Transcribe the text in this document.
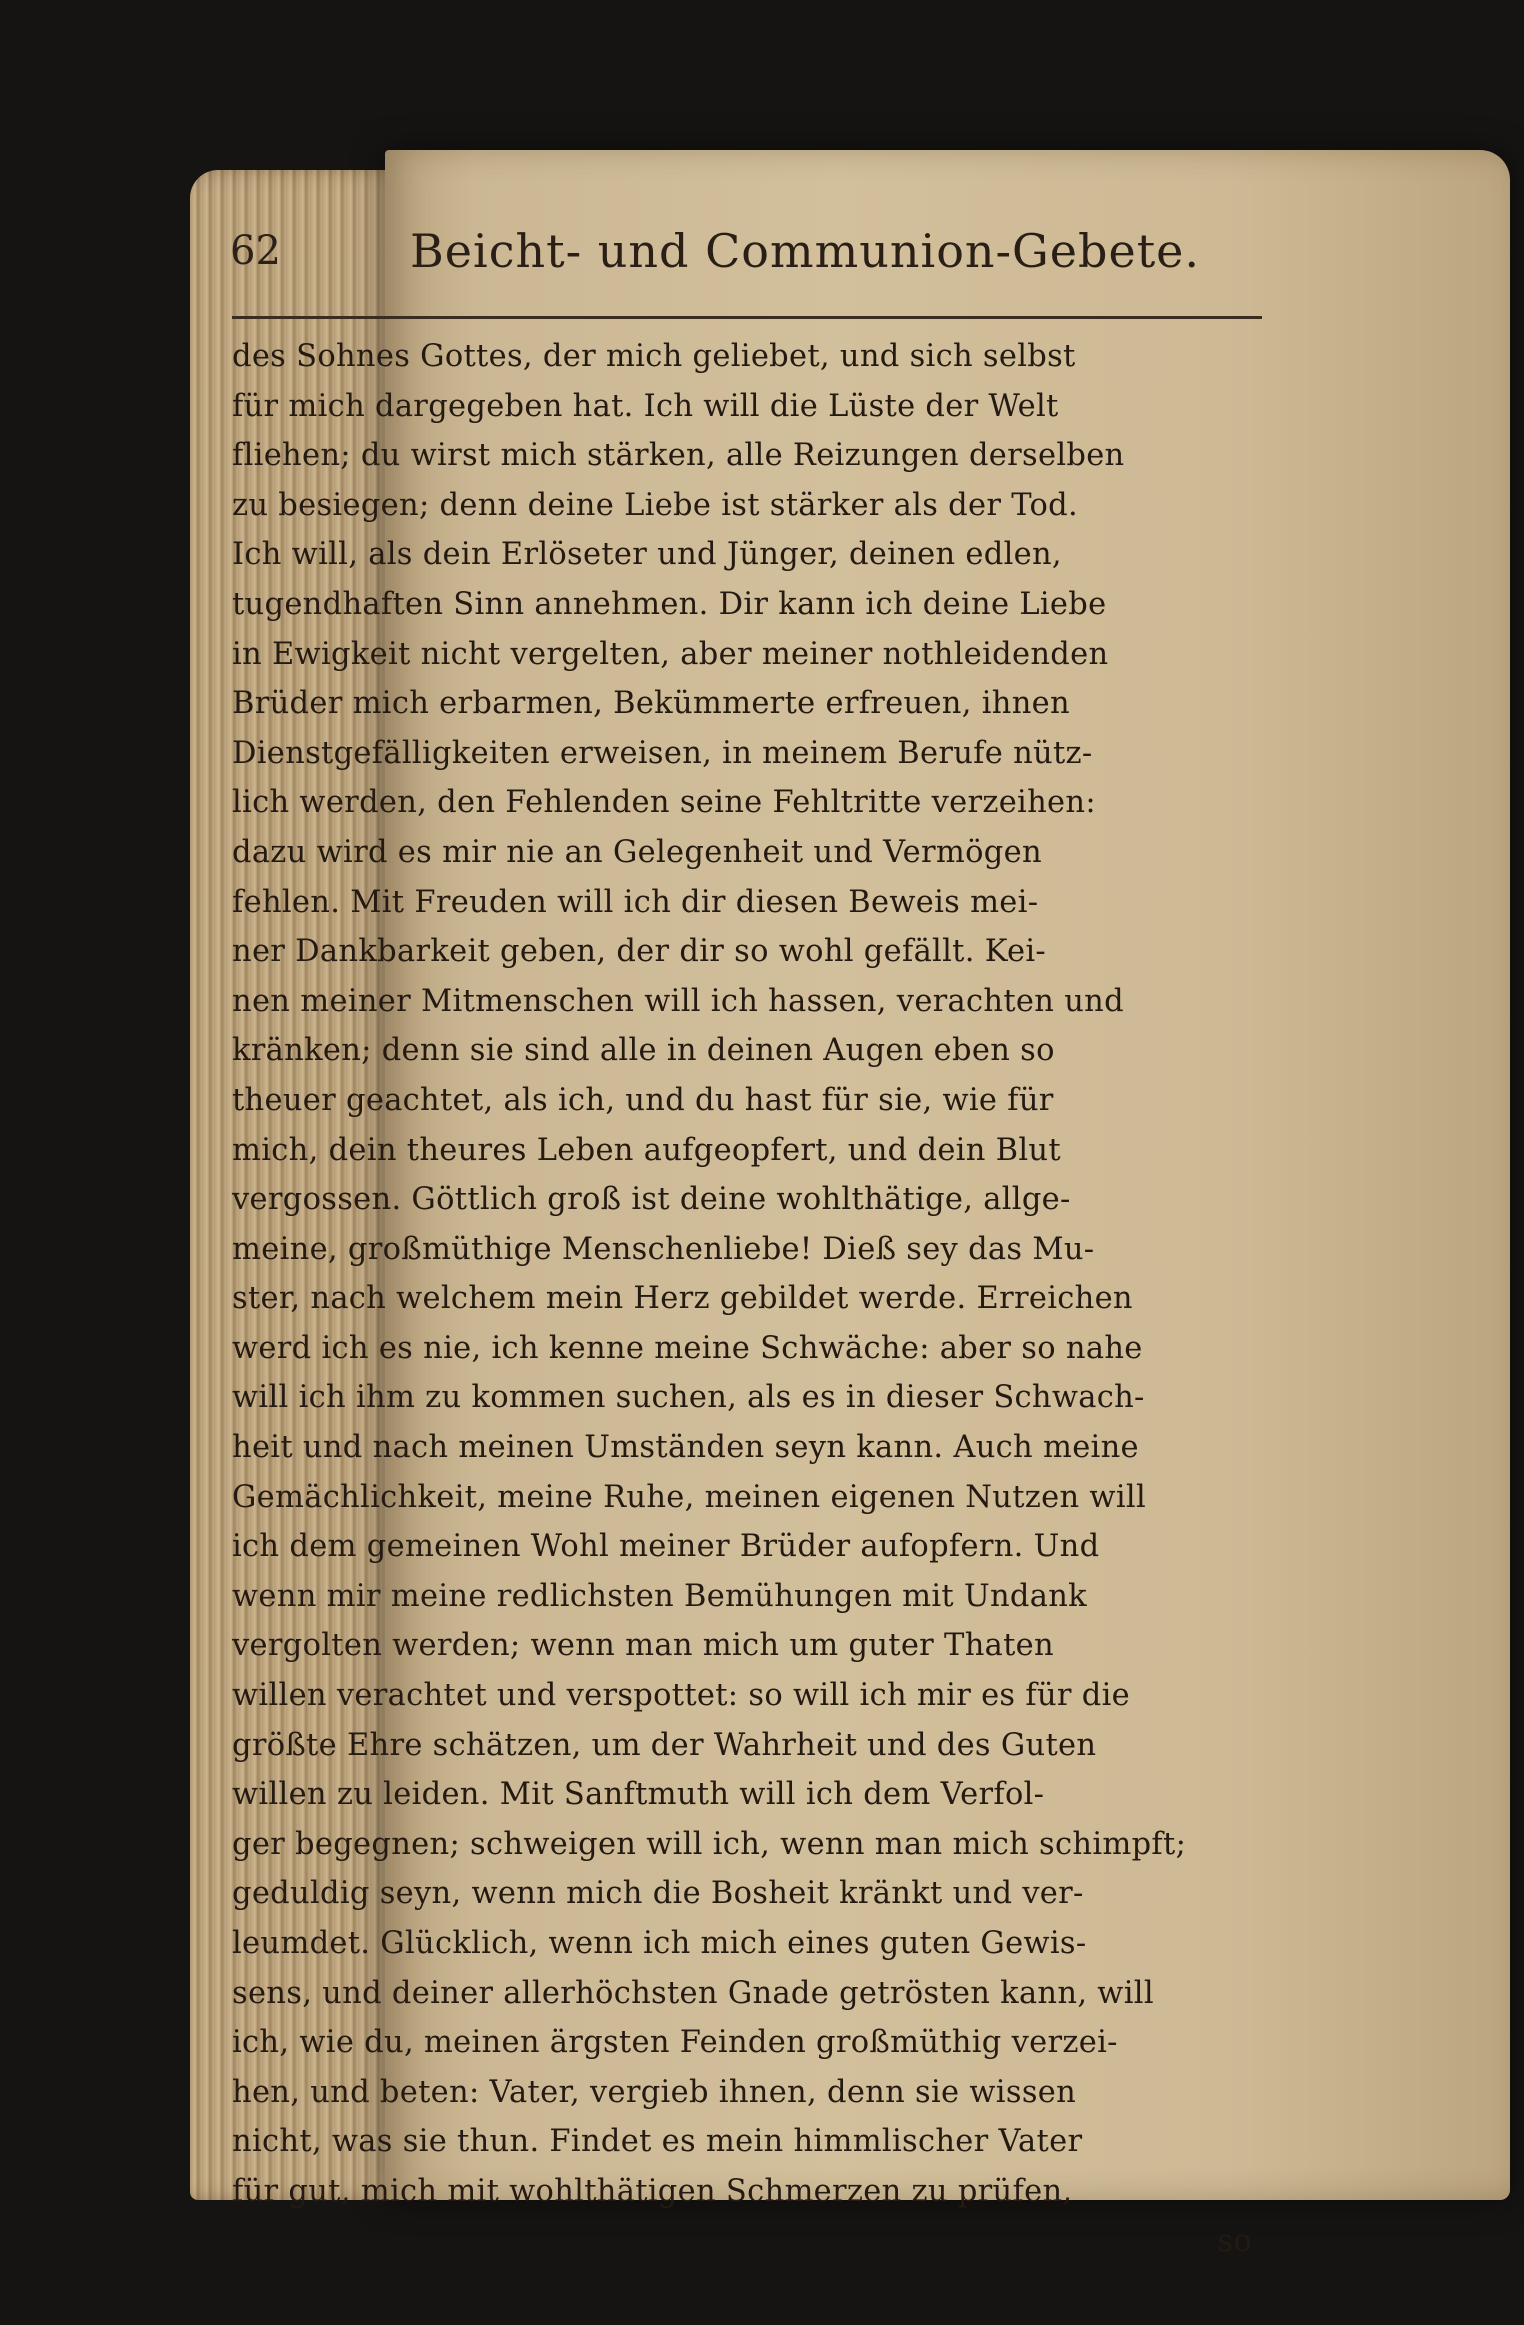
62	Beicht- und Communion-Gebete.
des Sohnes Gottes, der mich geliebet, und sich selbst
für mich dargegeben hat. Ich will die Lüste der Welt
fliehen; du wirst mich stärken, alle Reizungen derselben
zu besiegen; denn deine Liebe ist stärker als der Tod.
Ich will, als dein Erlöseter und Jünger, deinen edlen,
tugendhaften Sinn annehmen. Dir kann ich deine Liebe
in Ewigkeit nicht vergelten, aber meiner nothleidenden
Brüder mich erbarmen, Bekümmerte erfreuen, ihnen
Dienstgefälligkeiten erweisen, in meinem Berufe nütz-
lich werden, den Fehlenden seine Fehltritte verzeihen:
dazu wird es mir nie an Gelegenheit und Vermögen
fehlen. Mit Freuden will ich dir diesen Beweis mei-
ner Dankbarkeit geben, der dir so wohl gefällt. Kei-
nen meiner Mitmenschen will ich hassen, verachten und
kränken; denn sie sind alle in deinen Augen eben so
theuer geachtet, als ich, und du hast für sie, wie für
mich, dein theures Leben aufgeopfert, und dein Blut
vergossen. Göttlich groß ist deine wohlthätige, allge-
meine, großmüthige Menschenliebe! Dieß sey das Mu-
ster, nach welchem mein Herz gebildet werde. Erreichen
werd ich es nie, ich kenne meine Schwäche: aber so nahe
will ich ihm zu kommen suchen, als es in dieser Schwach-
heit und nach meinen Umständen seyn kann. Auch meine
Gemächlichkeit, meine Ruhe, meinen eigenen Nutzen will
ich dem gemeinen Wohl meiner Brüder aufopfern. Und
wenn mir meine redlichsten Bemühungen mit Undank
vergolten werden; wenn man mich um guter Thaten
willen verachtet und verspottet: so will ich mir es für die
größte Ehre schätzen, um der Wahrheit und des Guten
willen zu leiden. Mit Sanftmuth will ich dem Verfol-
ger begegnen; schweigen will ich, wenn man mich schimpft;
geduldig seyn, wenn mich die Bosheit kränkt und ver-
leumdet. Glücklich, wenn ich mich eines guten Gewis-
sens, und deiner allerhöchsten Gnade getrösten kann, will
ich, wie du, meinen ärgsten Feinden großmüthig verzei-
hen, und beten: Vater, vergieb ihnen, denn sie wissen
nicht, was sie thun. Findet es mein himmlischer Vater
für gut, mich mit wohlthätigen Schmerzen zu prüfen,
so
